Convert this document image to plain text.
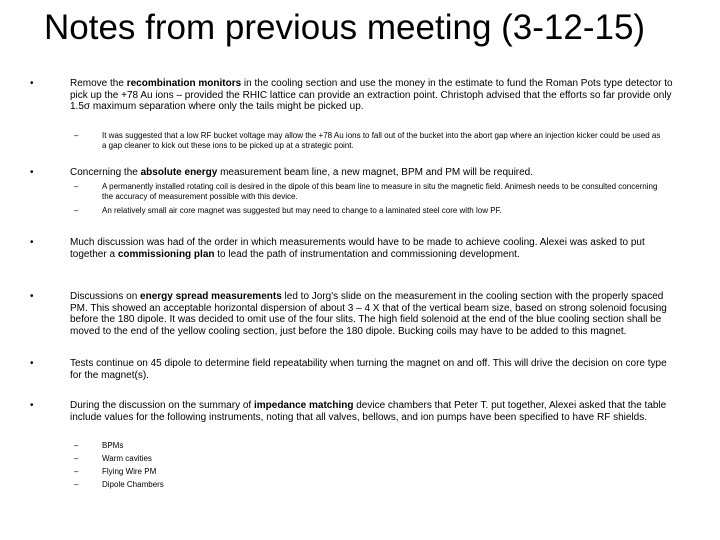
Notes from previous meeting (3-12-15)
•	Remove the recombination monitors in the cooling section and use the money in the estimate to fund the Roman Pots type detector to pick up the +78 Au ions – provided the RHIC lattice can provide an extraction point. Christoph advised that the efforts so far provide only 1.5σ maximum separation where only the tails might be picked up.
–	It was suggested that a low RF bucket voltage may allow the +78 Au ions to fall out of the bucket into the abort gap where an injection kicker could be used as a gap cleaner to kick out these ions to be picked up at a strategic point.
•	Concerning the absolute energy measurement beam line, a new magnet, BPM and PM will be required.
–	A permanently installed rotating coil is desired in the dipole of this beam line to measure in situ the magnetic field. Animesh needs to be consulted concerning the accuracy of measurement possible with this device.
–	An relatively small air core magnet was suggested but may need to change to a laminated steel core with low PF.
•	Much discussion was had of the order in which measurements would have to be made to achieve cooling. Alexei was asked to put together a commissioning plan to lead the path of instrumentation and commissioning development.
•	Discussions on energy spread measurements led to Jorg's slide on the measurement in the cooling section with the properly spaced PM. This showed an acceptable horizontal dispersion of about 3 – 4 X that of the vertical beam size, based on strong solenoid focusing before the 180 dipole. It was decided to omit use of the four slits. The high field solenoid at the end of the blue cooling section shall be moved to the end of the yellow cooling section, just before the 180 dipole. Bucking coils may have to be added to this magnet.
•	Tests continue on 45 dipole to determine field repeatability when turning the magnet on and off. This will drive the decision on core type for the magnet(s).
•	During the discussion on the summary of impedance matching device chambers that Peter T. put together, Alexei asked that the table include values for the following instruments, noting that all valves, bellows, and ion pumps have been specified to have RF shields.
–	BPMs
–	Warm cavities
–	Flying Wire PM
–	Dipole Chambers
